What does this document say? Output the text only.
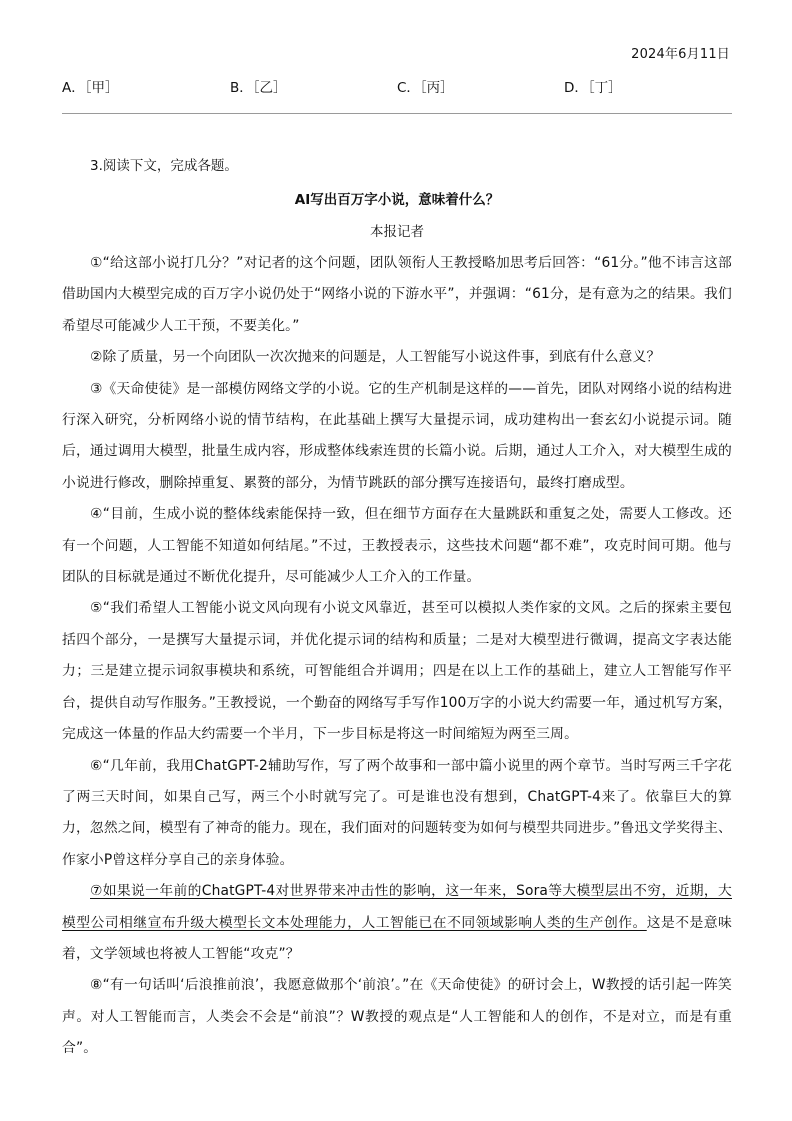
2024年6月11日
A．［甲］	B．［乙］	C．［丙］	D．［丁］
3.阅读下文，完成各题。
AI写出百万字小说，意味着什么？
本报记者

①“给这部小说打几分？”对记者的这个问题，团队领衔人王教授略加思考后回答：“61分。”他不讳言这部借助国内大模型完成的百万字小说仍处于“网络小说的下游水平”，并强调：“61分，是有意为之的结果。我们希望尽可能减少人工干预，不要美化。”

②除了质量，另一个向团队一次次抛来的问题是，人工智能写小说这件事，到底有什么意义？

③《天命使徒》是一部模仿网络文学的小说。它的生产机制是这样的——首先，团队对网络小说的结构进行深入研究，分析网络小说的情节结构，在此基础上撰写大量提示词，成功建构出一套玄幻小说提示词。随后，通过调用大模型，批量生成内容，形成整体线索连贯的长篇小说。后期，通过人工介入，对大模型生成的小说进行修改，删除掉重复、累赘的部分，为情节跳跃的部分撰写连接语句，最终打磨成型。

④“目前，生成小说的整体线索能保持一致，但在细节方面存在大量跳跃和重复之处，需要人工修改。还有一个问题，人工智能不知道如何结尾。”不过，王教授表示，这些技术问题“都不难”，攻克时间可期。他与团队的目标就是通过不断优化提升，尽可能减少人工介入的工作量。

⑤“我们希望人工智能小说文风向现有小说文风靠近，甚至可以模拟人类作家的文风。之后的探索主要包括四个部分，一是撰写大量提示词，并优化提示词的结构和质量；二是对大模型进行微调，提高文字表达能力；三是建立提示词叙事模块和系统，可智能组合并调用；四是在以上工作的基础上，建立人工智能写作平台，提供自动写作服务。”王教授说，一个勤奋的网络写手写作100万字的小说大约需要一年，通过机写方案，完成这一体量的作品大约需要一个半月，下一步目标是将这一时间缩短为两至三周。

⑥“几年前，我用ChatGPT-2辅助写作，写了两个故事和一部中篇小说里的两个章节。当时写两三千字花了两三天时间，如果自己写，两三个小时就写完了。可是谁也没有想到，ChatGPT-4来了。依靠巨大的算力，忽然之间，模型有了神奇的能力。现在，我们面对的问题转变为如何与模型共同进步。”鲁迅文学奖得主、作家小P曾这样分享自己的亲身体验。

⑦如果说一年前的ChatGPT-4对世界带来冲击性的影响，这一年来，Sora等大模型层出不穷，近期，大模型公司相继宣布升级大模型长文本处理能力，人工智能已在不同领域影响人类的生产创作。这是不是意味着，文学领域也将被人工智能“攻克”？

⑧“有一句话叫‘后浪推前浪’，我愿意做那个‘前浪’。”在《天命使徒》的研讨会上，W教授的话引起一阵笑声。对人工智能而言，人类会不会是“前浪”？W教授的观点是“人工智能和人的创作，不是对立，而是有重合”。
